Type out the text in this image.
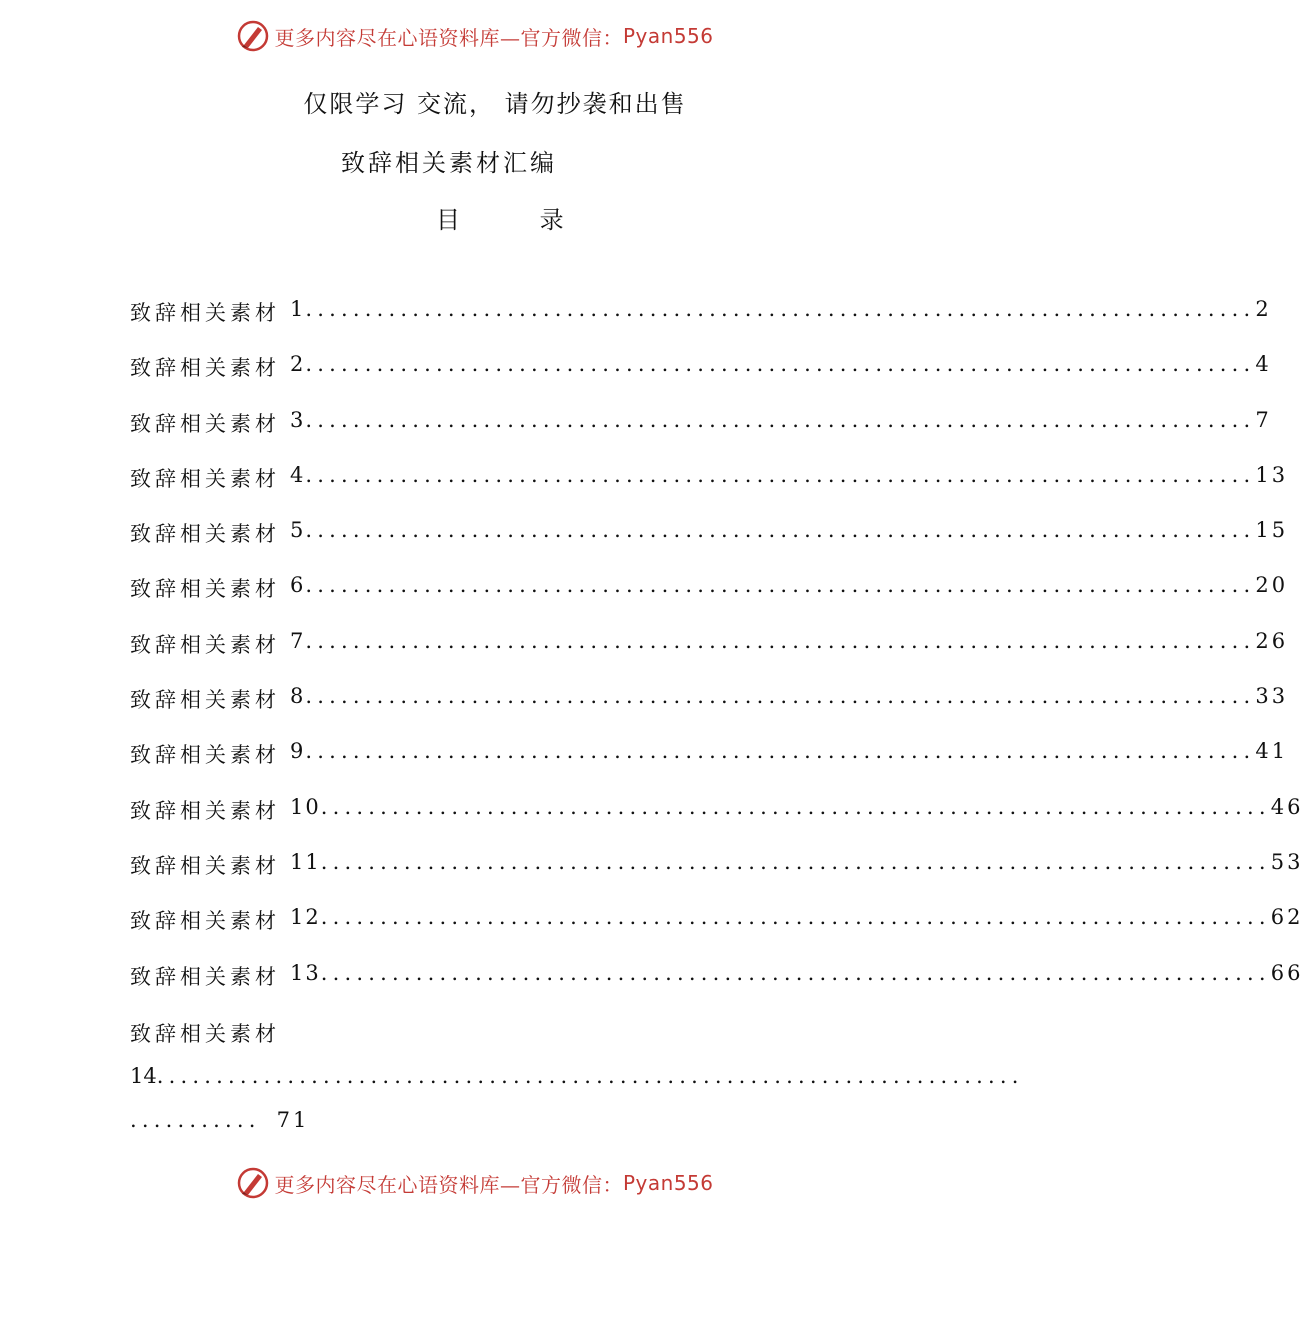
更多内容尽在心语资料库—官方微信： Pyan556
仅限学习 交流， 请勿抄袭和出售
致辞相关素材汇编
目 录
致辞相关素材 1 ................................................................................ 2
致辞相关素材 2 ................................................................................ 4
致辞相关素材 3 ................................................................................ 7
致辞相关素材 4 ................................................................................ 13
致辞相关素材 5 ................................................................................ 15
致辞相关素材 6 ................................................................................ 20
致辞相关素材 7 ................................................................................ 26
致辞相关素材 8 ................................................................................ 33
致辞相关素材 9 ................................................................................ 41
致辞相关素材 10 ................................................................................ 46
致辞相关素材 11 ................................................................................ 53
致辞相关素材 12 ................................................................................ 62
致辞相关素材 13 ................................................................................ 66
致辞相关素材
14 .........................................................................
........... 71
更多内容尽在心语资料库—官方微信： Pyan556
